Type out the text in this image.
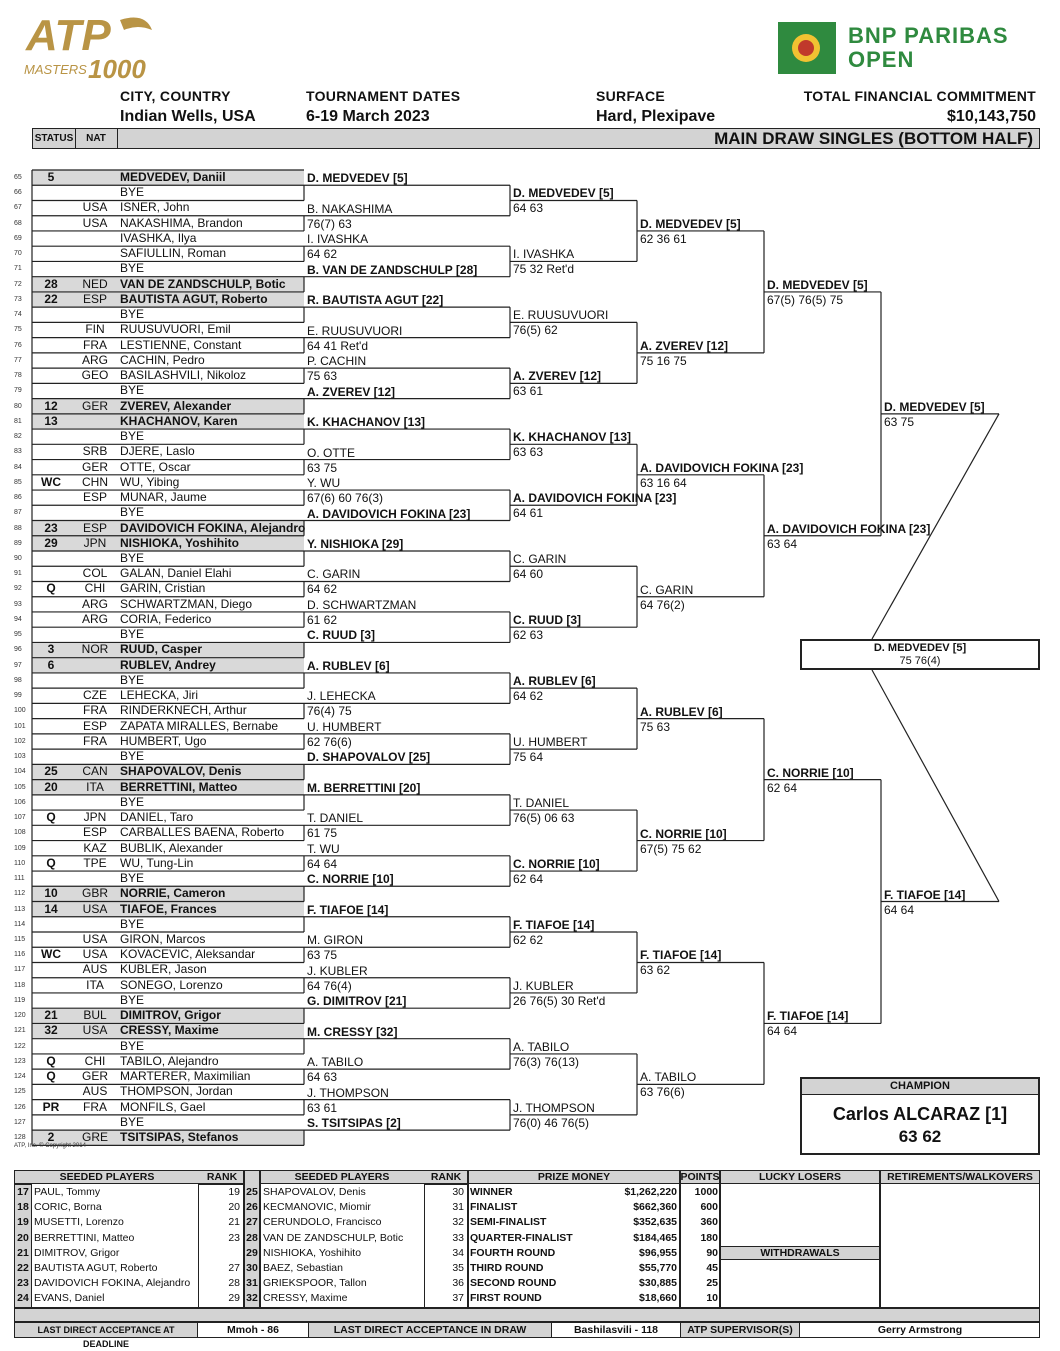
ATP
MASTERS 1000
BNP PARIBAS OPEN
CITY, COUNTRY
Indian Wells, USA
TOURNAMENT DATES
6-19 March 2023
SURFACE
Hard, Plexipave
TOTAL FINANCIAL COMMITMENT
$10,143,750
STATUS	NAT	MAIN DRAW SINGLES (BOTTOM HALF)
65	5	MEDVEDEV, Daniil
66	BYE
67	USA	ISNER, John
68	USA	NAKASHIMA, Brandon
69	IVASHKA, Ilya
70	SAFIULLIN, Roman
71	BYE
72	28	NED	VAN DE ZANDSCHULP, Botic
73	22	ESP	BAUTISTA AGUT, Roberto
74	BYE
75	FIN	RUUSUVUORI, Emil
76	FRA	LESTIENNE, Constant
77	ARG	CACHIN, Pedro
78	GEO BASILASHVILI, Nikoloz
79	BYE
80	12	GER	ZVEREV, Alexander
81	13	KHACHANOV, Karen
82	BYE
83	SRB	DJERE, Laslo
84	GER	OTTE, Oscar
85	WC	CHN	WU, Yibing
86	ESP	MUNAR, Jaume
87	BYE
88	23	ESP	DAVIDOVICH FOKINA, Alejandro
89	29	JPN	NISHIOKA, Yoshihito
90	BYE
91	COL	GALAN, Daniel Elahi
92	Q	CHI	GARIN, Cristian
93	ARG	SCHWARTZMAN, Diego
94	ARG	CORIA, Federico
95	BYE
96	3	NOR RUUD, Casper
97	6	RUBLEV, Andrey
98	BYE
99	CZE	LEHECKA, Jiri
100	FRA	RINDERKNECH, Arthur
101	ESP	ZAPATA MIRALLES, Bernabe
102	FRA	HUMBERT, Ugo
103	BYE
104	25	CAN	SHAPOVALOV, Denis
105	20	ITA	BERRETTINI, Matteo
106	BYE
107	Q	JPN	DANIEL, Taro
108	ESP	CARBALLES BAENA, Roberto
109	KAZ	BUBLIK, Alexander
110	Q	TPE	WU, Tung-Lin
111	BYE
112	10	GBR	NORRIE, Cameron
113	14	USA	TIAFOE, Frances
114	BYE
115	USA	GIRON, Marcos
116	WC	USA	KOVACEVIC, Aleksandar
117	AUS	KUBLER, Jason
118	ITA	SONEGO, Lorenzo
119	BYE
120	21	BUL	DIMITROV, Grigor
121	32	USA	CRESSY, Maxime
122	BYE
123	Q	CHI	TABILO, Alejandro
124	Q	GER	MARTERER, Maximilian
125	AUS	THOMPSON, Jordan
126	PR	FRA	MONFILS, Gael
127	BYE
128	2	GRE	TSITSIPAS, Stefanos
D. MEDVEDEV [5]
B. NAKASHIMA
76(7) 63
I. IVASHKA
64 62
B. VAN DE ZANDSCHULP [28]
R. BAUTISTA AGUT [22]
E. RUUSUVUORI
64 41 Ret'd
P. CACHIN
75 63
A. ZVEREV [12]
K. KHACHANOV [13]
O. OTTE
63 75
Y. WU
67(6) 60 76(3)
A. DAVIDOVICH FOKINA [23]
Y. NISHIOKA [29]
C. GARIN
64 62
D. SCHWARTZMAN
61 62
C. RUUD [3]
A. RUBLEV [6]
J. LEHECKA
76(4) 75
U. HUMBERT
62 76(6)
D. SHAPOVALOV [25]
M. BERRETTINI [20]
T. DANIEL
61 75
T. WU
64 64
C. NORRIE [10]
F. TIAFOE [14]
M. GIRON
63 75
J. KUBLER
64 76(4)
G. DIMITROV [21]
M. CRESSY [32]
A. TABILO
64 63
J. THOMPSON
63 61
S. TSITSIPAS [2]
D. MEDVEDEV [5]
64 63
I. IVASHKA
75 32 Ret'd
E. RUUSUVUORI
76(5) 62
A. ZVEREV [12]
63 61
K. KHACHANOV [13]
63 63
A. DAVIDOVICH FOKINA [23]
64 61
C. GARIN
64 60
C. RUUD [3]
62 63
A. RUBLEV [6]
64 62
U. HUMBERT
75 64
T. DANIEL
76(5) 06 63
C. NORRIE [10]
62 64
F. TIAFOE [14]
62 62
J. KUBLER
26 76(5) 30 Ret'd
A. TABILO
76(3) 76(13)
J. THOMPSON
76(0) 46 76(5)
D. MEDVEDEV [5]
62 36 61
A. ZVEREV [12]
75 16 75
A. DAVIDOVICH FOKINA [23]
63 16 64
C. GARIN
64 76(2)
A. RUBLEV [6]
75 63
C. NORRIE [10]
67(5) 75 62
F. TIAFOE [14]
63 62
A. TABILO
63 76(6)
D. MEDVEDEV [5]
67(5) 76(5) 75
A. DAVIDOVICH FOKINA [23]
63 64
C. NORRIE [10]
62 64
F. TIAFOE [14]
64 64
D. MEDVEDEV [5]
63 75
F. TIAFOE [14]
64 64
D. MEDVEDEV [5]
75 76(4)
CHAMPION
Carlos ALCARAZ [1]
63 62
ATP, Inc. © Copyright 2014
SEEDED PLAYERS	RANK
17 PAUL, Tommy	19
18 CORIC, Borna	20
19 MUSETTI, Lorenzo	21
20 BERRETTINI, Matteo	23
21 DIMITROV, Grigor
22 BAUTISTA AGUT, Roberto	27
23 DAVIDOVICH FOKINA, Alejandro	28
24 EVANS, Daniel	29
SEEDED PLAYERS	RANK
25 SHAPOVALOV, Denis	30
26 KECMANOVIC, Miomir	31
27 CERUNDOLO, Francisco	32
28 VAN DE ZANDSCHULP, Botic	33
29 NISHIOKA, Yoshihito	34
30 BAEZ, Sebastian	35
31 GRIEKSPOOR, Tallon	36
32 CRESSY, Maxime	37
PRIZE MONEY	POINTS
WINNER	$1,262,220	1000
FINALIST	$662,360	600
SEMI-FINALIST	$352,635	360
QUARTER-FINALIST	$184,465	180
FOURTH ROUND	$96,955	90
THIRD ROUND	$55,770	45
SECOND ROUND	$30,885	25
FIRST ROUND	$18,660	10
LUCKY LOSERS
WITHDRAWALS
RETIREMENTS/WALKOVERS
LAST DIRECT ACCEPTANCE AT DEADLINE
Mmoh - 86	LAST DIRECT ACCEPTANCE IN DRAW	Bashilasvili - 118	ATP SUPERVISOR(S)	Gerry Armstrong
